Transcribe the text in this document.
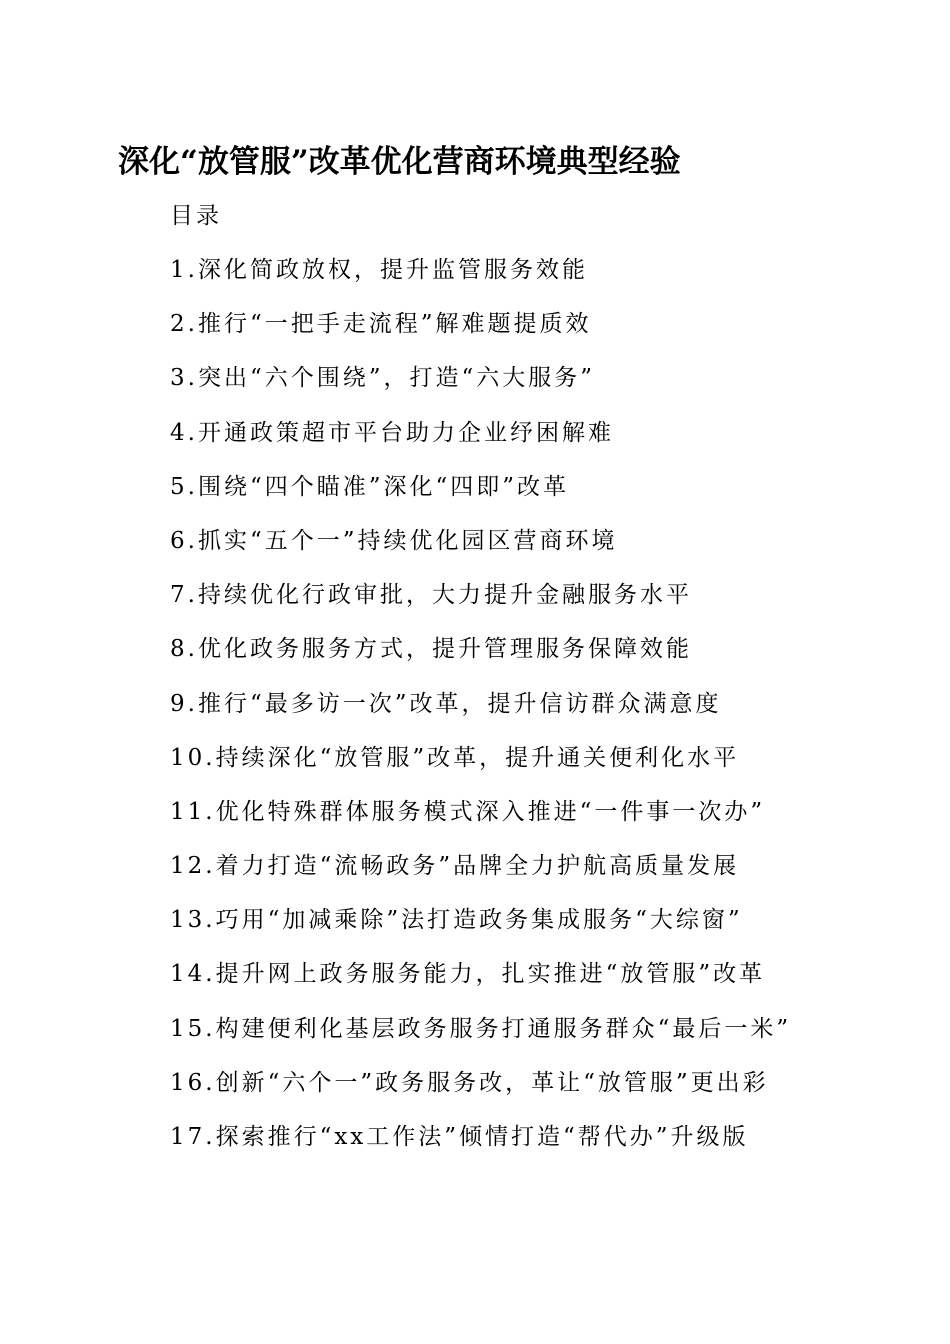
深化“放管服”改革优化营商环境典型经验
目录
1.深化简政放权，提升监管服务效能
2.推行“一把手走流程”解难题提质效
3.突出“六个围绕”，打造“六大服务”
4.开通政策超市平台助力企业纾困解难
5.围绕“四个瞄准”深化“四即”改革
6.抓实“五个一”持续优化园区营商环境
7.持续优化行政审批，大力提升金融服务水平
8.优化政务服务方式，提升管理服务保障效能
9.推行“最多访一次”改革，提升信访群众满意度
10.持续深化“放管服”改革，提升通关便利化水平
11.优化特殊群体服务模式深入推进“一件事一次办”
12.着力打造“流畅政务”品牌全力护航高质量发展
13.巧用“加减乘除”法打造政务集成服务“大综窗”
14.提升网上政务服务能力，扎实推进“放管服”改革
15.构建便利化基层政务服务打通服务群众“最后一米”
16.创新“六个一”政务服务改，革让“放管服”更出彩
17.探索推行“xx工作法”倾情打造“帮代办”升级版
